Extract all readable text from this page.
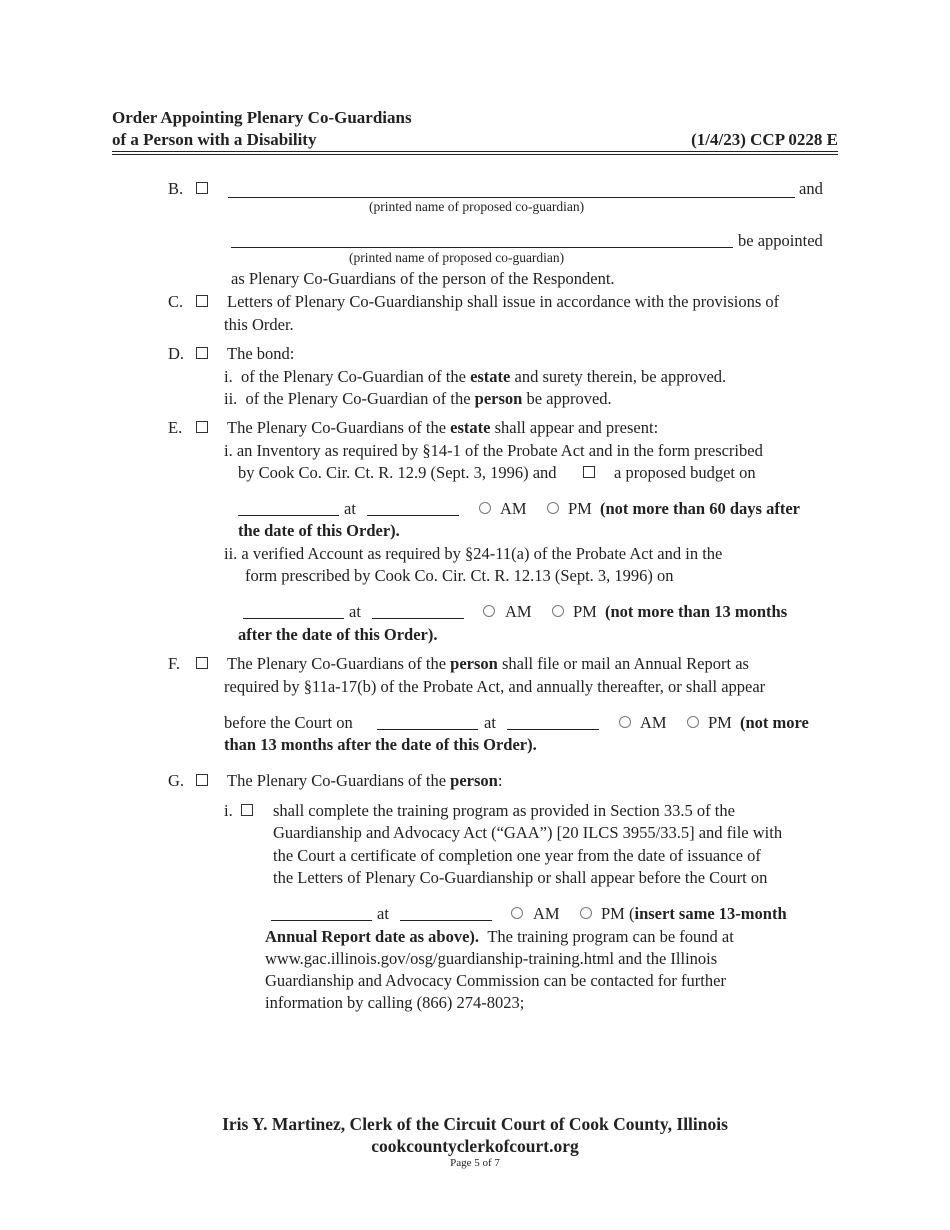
Order Appointing Plenary Co-Guardians
of a Person with a Disability	(1/4/23) CCP 0228 E
B.	and
(printed name of proposed co-guardian)
be appointed
(printed name of proposed co-guardian)
as Plenary Co-Guardians of the person of the Respondent.
C.	Letters of Plenary Co-Guardianship shall issue in accordance with the provisions of
this Order.
D.	The bond:
i.  of the Plenary Co-Guardian of the estate and surety therein, be approved.
ii.  of the Plenary Co-Guardian of the person be approved.
E.	The Plenary Co-Guardians of the estate shall appear and present:
i. an Inventory as required by §14-1 of the Probate Act and in the form prescribed
by Cook Co. Cir. Ct. R. 12.9 (Sept. 3, 1996) and	a proposed budget on
at	AM	PM (not more than 60 days after
the date of this Order).
ii. a verified Account as required by §24-11(a) of the Probate Act and in the
form prescribed by Cook Co. Cir. Ct. R. 12.13 (Sept. 3, 1996) on
at	AM	PM (not more than 13 months
after the date of this Order).
F.	The Plenary Co-Guardians of the person shall file or mail an Annual Report as
required by §11a-17(b) of the Probate Act, and annually thereafter, or shall appear
before the Court on	at	AM	PM (not more
than 13 months after the date of this Order).
G.	The Plenary Co-Guardians of the person:
i. shall complete the training program as provided in Section 33.5 of the
Guardianship and Advocacy Act (“GAA”) [20 ILCS 3955/33.5] and file with
the Court a certificate of completion one year from the date of issuance of
the Letters of Plenary Co-Guardianship or shall appear before the Court on
at	AM	PM (insert same 13-month
Annual Report date as above). The training program can be found at
www.gac.illinois.gov/osg/guardianship-training.html and the Illinois
Guardianship and Advocacy Commission can be contacted for further
information by calling (866) 274-8023;
Iris Y. Martinez, Clerk of the Circuit Court of Cook County, Illinois
cookcountyclerkofcourt.org
Page 5 of 7
